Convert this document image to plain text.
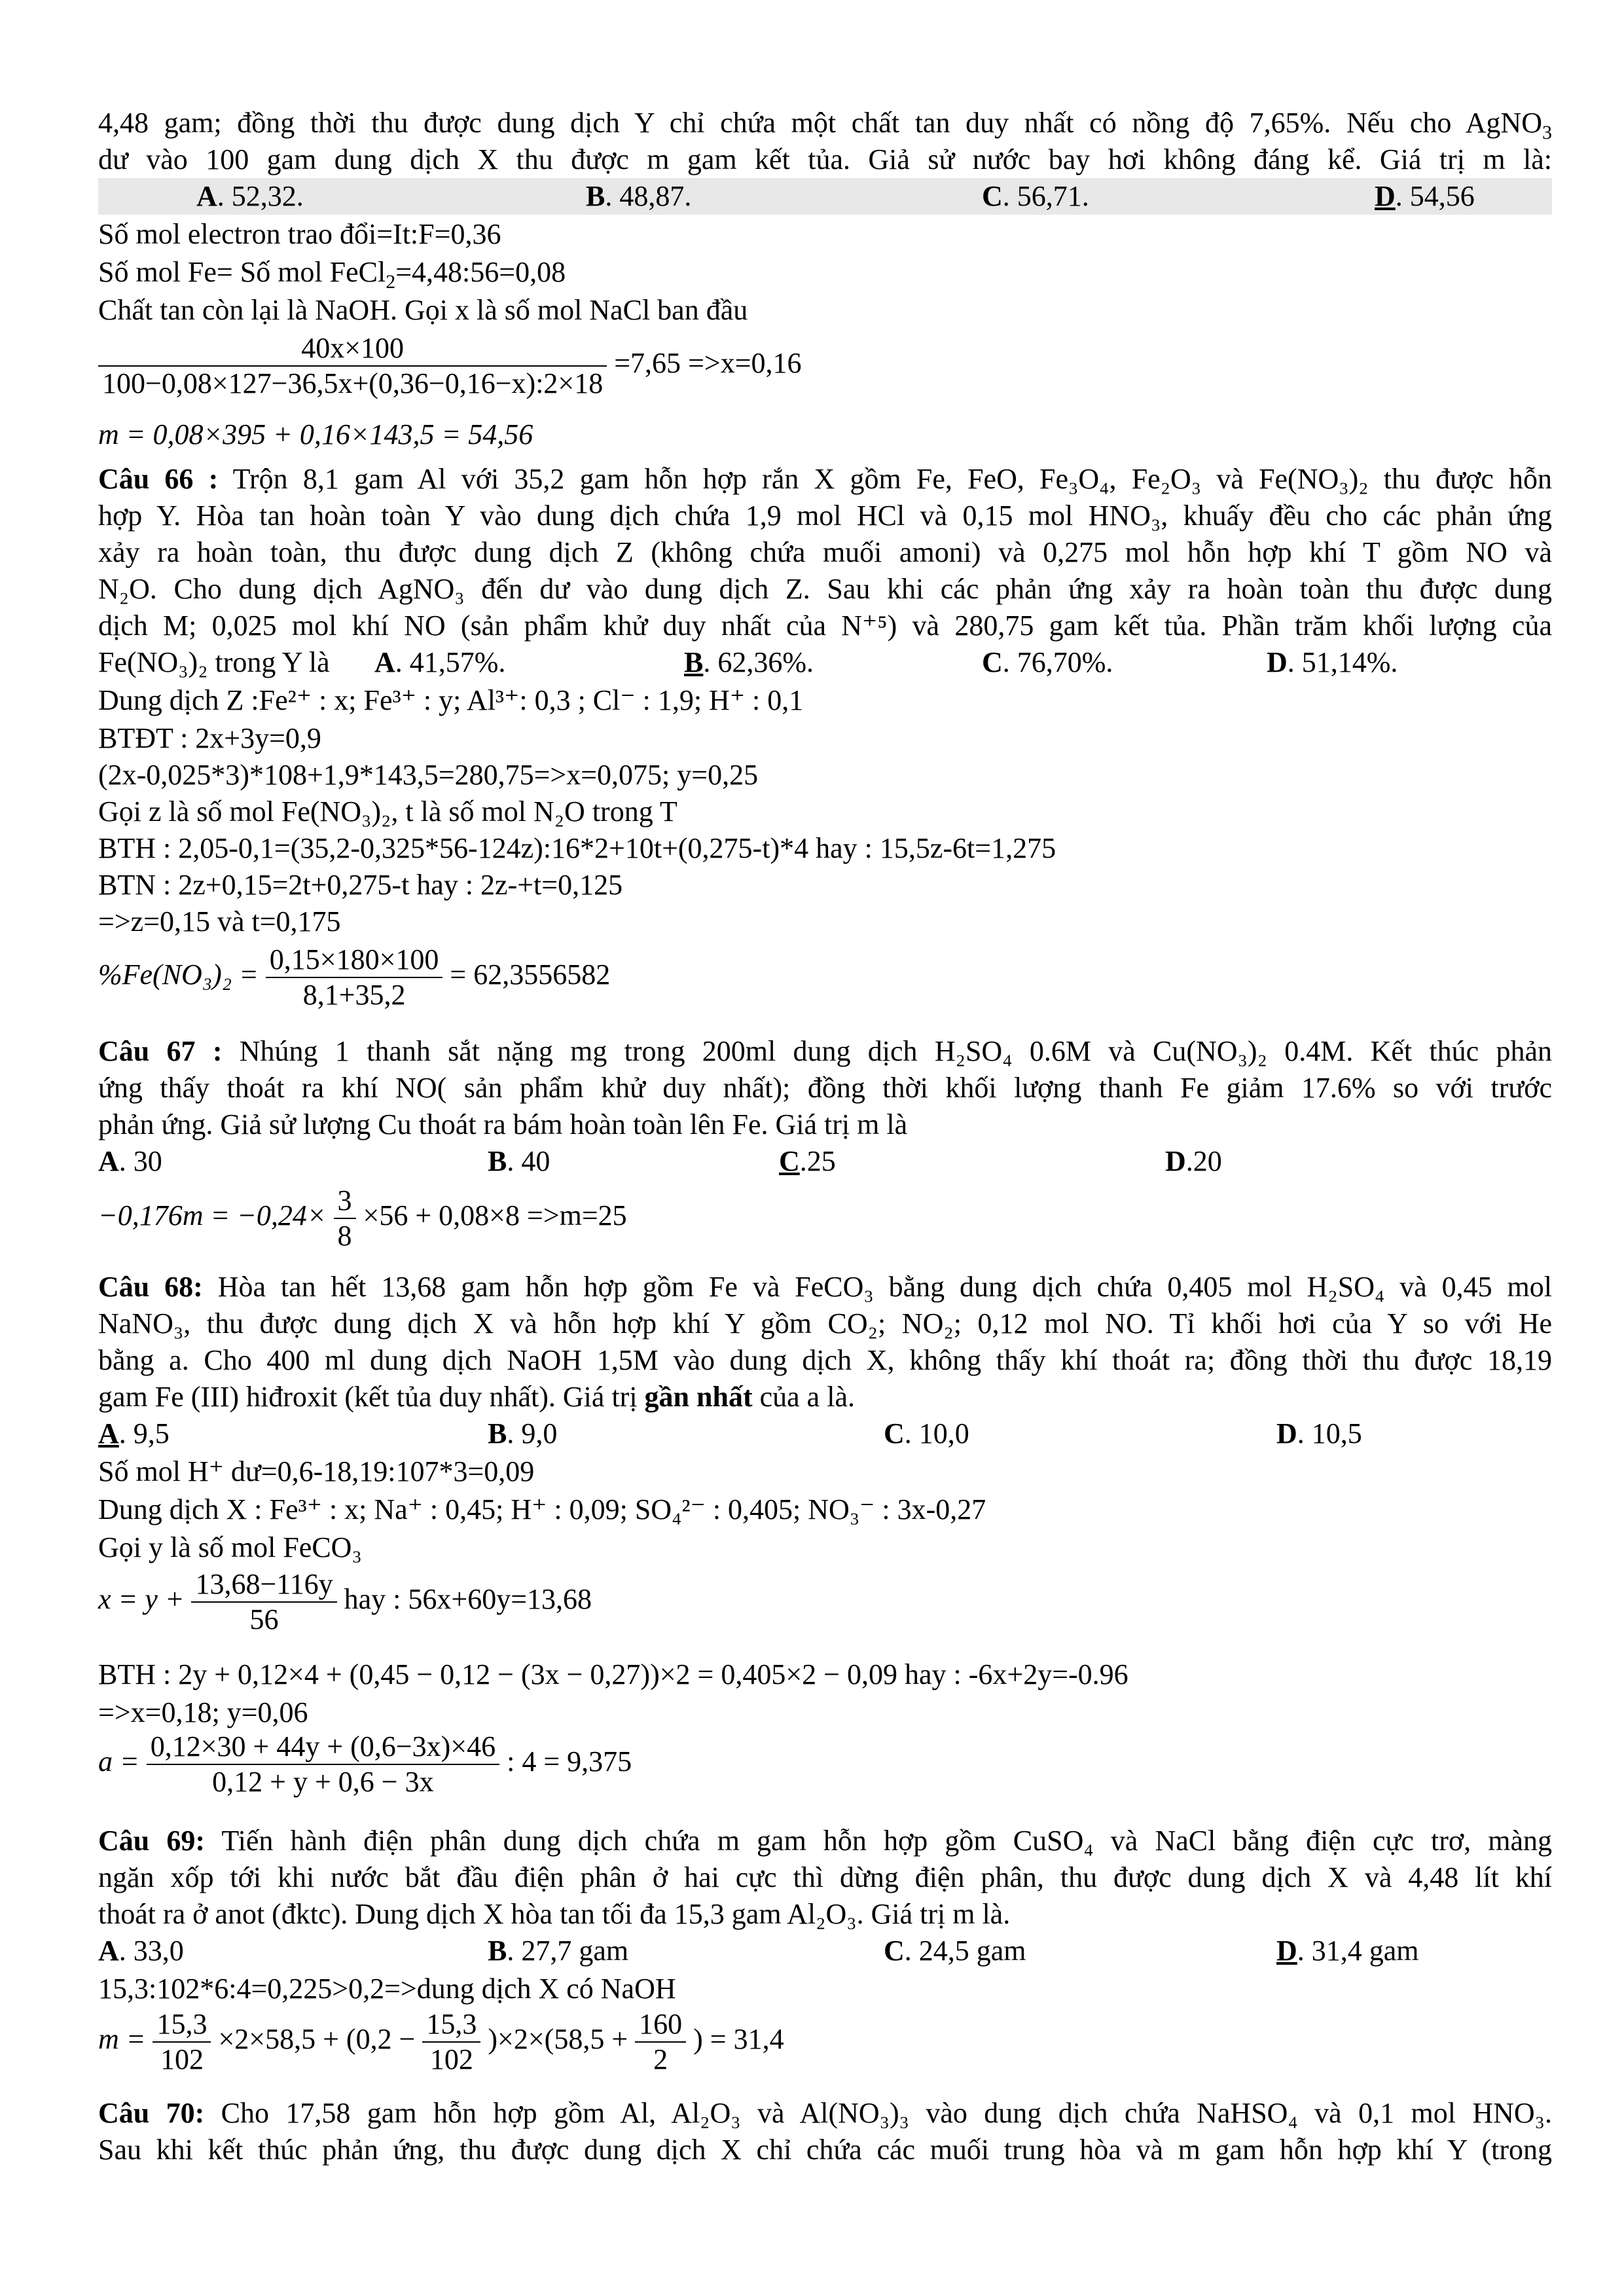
4,48 gam; đồng thời thu được dung dịch Y chỉ chứa một chất tan duy nhất có nồng độ 7,65%. Nếu cho AgNO$_3$
dư vào 100 gam dung dịch X thu được m gam kết tủa. Giả sử nước bay hơi không đáng kể. Giá trị m là:
A. 52,32.	B. 48,87.	C. 56,71.	D. 54,56
Số mol electron trao đổi=It:F=0,36
Số mol Fe= Số mol FeCl$_2$=4,48:56=0,08
Chất tan còn lại là NaOH. Gọi x là số mol NaCl ban đầu
$\frac{40x\times 100}{100-0,08\times 127-36,5x+(0,36-0,16-x):2\times 18} =7,65 =>x=0,16$
m = 0,08×395 + 0,16×143,5 = 54,56
Câu 66 : Trộn 8,1 gam Al với 35,2 gam hỗn hợp rắn X gồm Fe, FeO, Fe₃O₄, Fe₂O₃ và Fe(NO₃)₂ thu được hỗn
hợp Y. Hòa tan hoàn toàn Y vào dung dịch chứa 1,9 mol HCl và 0,15 mol HNO₃, khuấy đều cho các phản ứng
xảy ra hoàn toàn, thu được dung dịch Z (không chứa muối amoni) và 0,275 mol hỗn hợp khí T gồm NO và
N₂O. Cho dung dịch AgNO₃ đến dư vào dung dịch Z. Sau khi các phản ứng xảy ra hoàn toàn thu được dung
dịch M; 0,025 mol khí NO (sản phẩm khử duy nhất của N⁺⁵) và 280,75 gam kết tủa. Phần trăm khối lượng của
Fe(NO₃)₂ trong Y là A. 41,57%.	B. 62,36%.	C. 76,70%.	D. 51,14%.
Dung dịch Z :Fe²⁺ : x; Fe³⁺ : y; Al³⁺: 0,3 ; Cl⁻ : 1,9; H⁺ : 0,1
BTĐT : 2x+3y=0,9
(2x-0,025*3)*108+1,9*143,5=280,75=>x=0,075; y=0,25
Gọi z là số mol Fe(NO₃)₂, t là số mol N₂O trong T
BTH : 2,05-0,1=(35,2-0,325*56-124z):16*2+10t+(0,275-t)*4 hay : 15,5z-6t=1,275
BTN : 2z+0,15=2t+0,275-t hay : 2z-+t=0,125
=>z=0,15 và t=0,175
$\%Fe(NO_3)_2 = \frac{0,15\times 180\times 100}{8,1+35,2} = 62,3556582$
Câu 67 : Nhúng 1 thanh sắt nặng mg trong 200ml dung dịch H₂SO₄ 0.6M và Cu(NO₃)₂ 0.4M. Kết thúc phản
ứng thấy thoát ra khí NO( sản phẩm khử duy nhất); đồng thời khối lượng thanh Fe giảm 17.6% so với trước
phản ứng. Giả sử lượng Cu thoát ra bám hoàn toàn lên Fe. Giá trị m là
A. 30	B. 40	C.25	D.20
$-0,176m = -0,24\times \frac{3}{8} \times 56 + 0,08\times 8 =>m=25$
Câu 68: Hòa tan hết 13,68 gam hỗn hợp gồm Fe và FeCO₃ bằng dung dịch chứa 0,405 mol H₂SO₄ và 0,45 mol
NaNO₃, thu được dung dịch X và hỗn hợp khí Y gồm CO₂; NO₂; 0,12 mol NO. Tỉ khối hơi của Y so với He
bằng a. Cho 400 ml dung dịch NaOH 1,5M vào dung dịch X, không thấy khí thoát ra; đồng thời thu được 18,19
gam Fe (III) hiđroxit (kết tủa duy nhất). Giá trị gần nhất của a là.
A. 9,5	B. 9,0	C. 10,0	D. 10,5
Số mol H⁺ dư=0,6-18,19:107*3=0,09
Dung dịch X : Fe³⁺ : x; Na⁺ : 0,45; H⁺ : 0,09; SO₄²⁻ : 0,405; NO₃⁻ : 3x-0,27
Gọi y là số mol FeCO₃
$x = y + \frac{13,68-116y}{56}$ hay : 56x+60y=13,68
BTH : 2y + 0,12×4 + (0,45 − 0,12 − (3x − 0,27))×2 = 0,405×2 − 0,09 hay : -6x+2y=-0.96
=>x=0,18; y=0,06
$a = \frac{0,12\times 30 + 44y + (0,6-3x)\times 46}{0,12 + y + 0,6 - 3x}$ : 4 = 9,375
Câu 69: Tiến hành điện phân dung dịch chứa m gam hỗn hợp gồm CuSO₄ và NaCl bằng điện cực trơ, màng
ngăn xốp tới khi nước bắt đầu điện phân ở hai cực thì dừng điện phân, thu được dung dịch X và 4,48 lít khí
thoát ra ở anot (đktc). Dung dịch X hòa tan tối đa 15,3 gam Al₂O₃. Giá trị m là.
A. 33,0	B. 27,7 gam	C. 24,5 gam	D. 31,4 gam
15,3:102*6:4=0,225>0,2=>dung dịch X có NaOH
$m = \frac{15,3}{102} \times 2\times 58,5 + (0,2 - \frac{15,3}{102} )\times 2\times(58,5 + \frac{160}{2}$ ) = 31,4
Câu 70: Cho 17,58 gam hỗn hợp gồm Al, Al₂O₃ và Al(NO₃)₃ vào dung dịch chứa NaHSO₄ và 0,1 mol HNO₃.
Sau khi kết thúc phản ứng, thu được dung dịch X chỉ chứa các muối trung hòa và m gam hỗn hợp khí Y (trong
